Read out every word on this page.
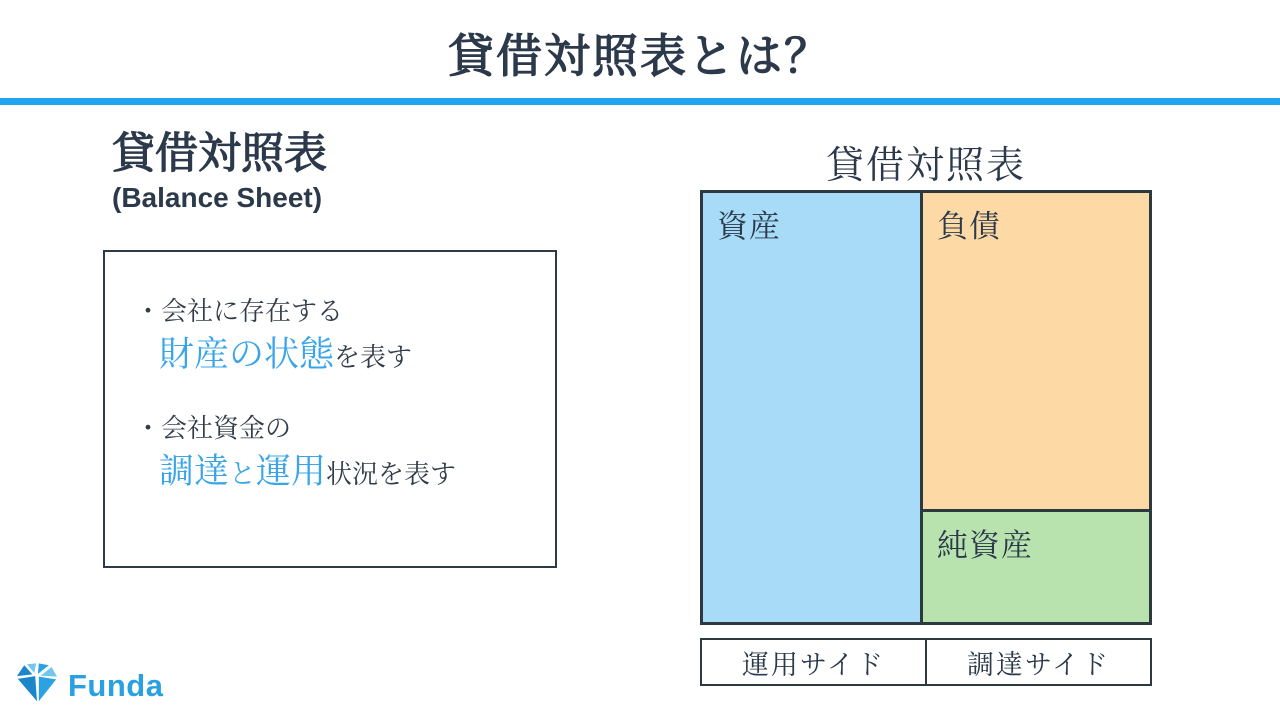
貸借対照表とは？
貸借対照表
(Balance Sheet)
・会社に存在する
財産の状態を表す
・会社資金の
調達と運用状況を表す
貸借対照表
資産	負債
純資産
運用サイド	調達サイド
Funda
